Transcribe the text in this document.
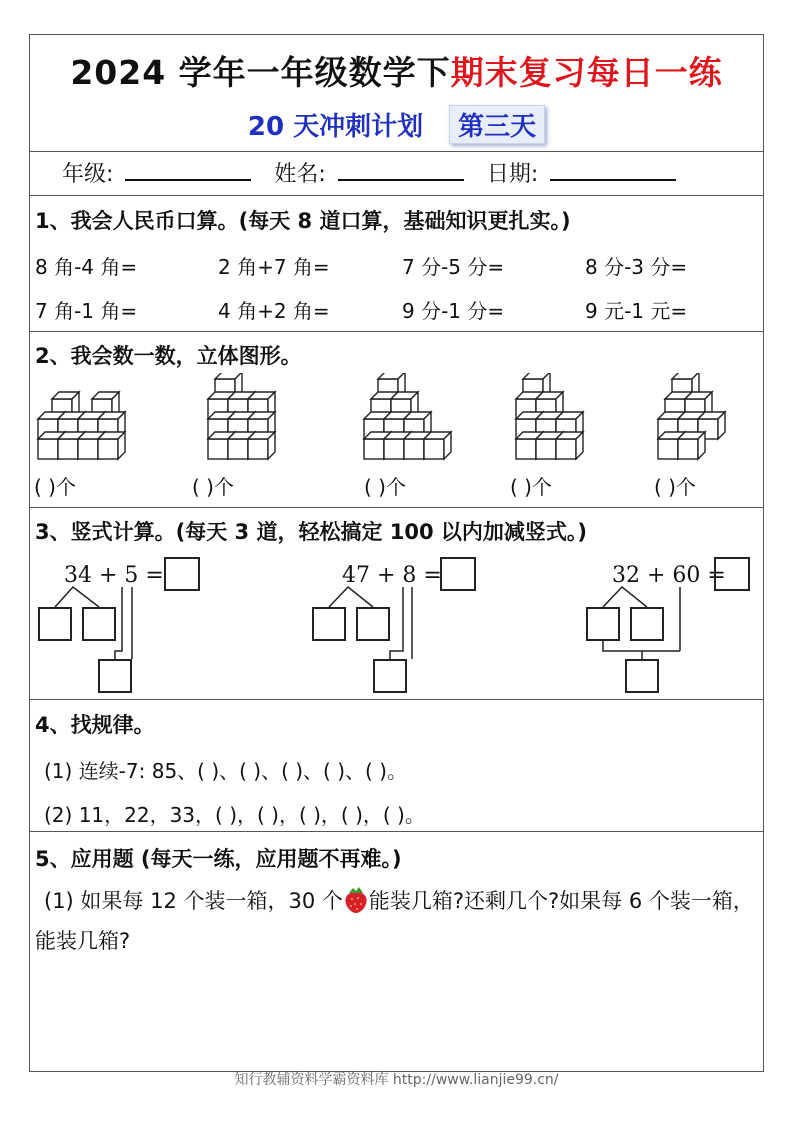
2024 学年一年级数学下期末复习每日一练
20 天冲刺计划 第三天
年级:	姓名:	日期:
1、我会人民币口算。(每天 8 道口算，基础知识更扎实。)
8 角-4 角=	2 角+7 角=	7 分-5 分=	8 分-3 分=
7 角-1 角=	4 角+2 角=	9 分-1 分=	9 元-1 元=
2、我会数一数，立体图形。
( )个	( )个	( )个	( )个	( )个
3、竖式计算。(每天 3 道，轻松搞定 100 以内加减竖式。)
34 + 5 =	47 + 8 =	32 + 60 =
4、找规律。
(1) 连续-7: 85、( )、( )、( )、( )、( )。
(2) 11，22，33，( )，( )，( )，( )，( )。
5、应用题 (每天一练，应用题不再难。)
(1) 如果每 12 个装一箱，30 个 能装几箱?还剩几个?如果每 6 个装一箱，能装几箱?
知行教辅资料学霸资料库 http://www.lianjie99.cn/
